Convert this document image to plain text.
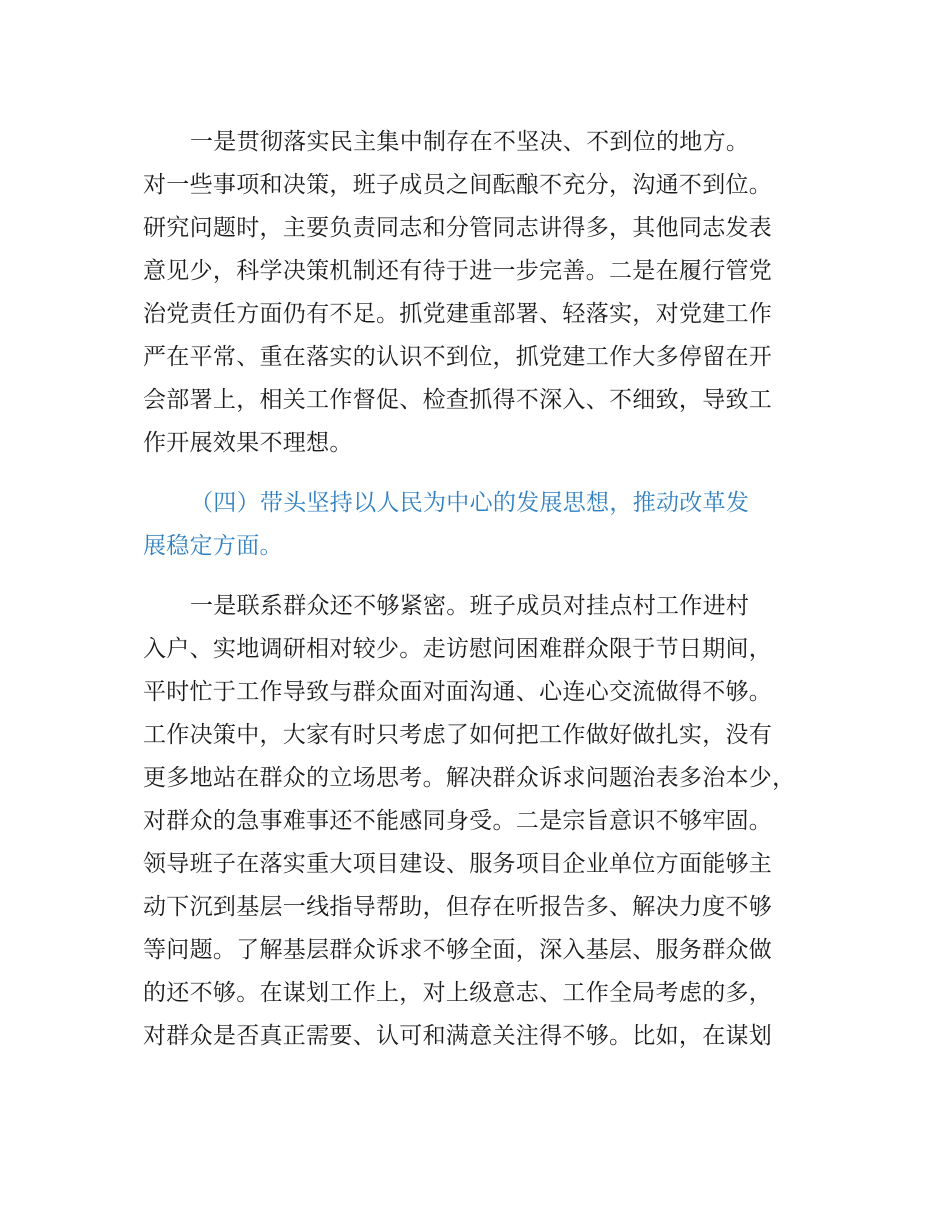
一是贯彻落实民主集中制存在不坚决、不到位的地方。
对一些事项和决策，班子成员之间酝酿不充分，沟通不到位。
研究问题时，主要负责同志和分管同志讲得多，其他同志发表
意见少，科学决策机制还有待于进一步完善。二是在履行管党
治党责任方面仍有不足。抓党建重部署、轻落实，对党建工作
严在平常、重在落实的认识不到位，抓党建工作大多停留在开
会部署上，相关工作督促、检查抓得不深入、不细致，导致工
作开展效果不理想。
（四）带头坚持以人民为中心的发展思想，推动改革发
展稳定方面。
一是联系群众还不够紧密。班子成员对挂点村工作进村
入户、实地调研相对较少。走访慰问困难群众限于节日期间，
平时忙于工作导致与群众面对面沟通、心连心交流做得不够。
工作决策中，大家有时只考虑了如何把工作做好做扎实，没有
更多地站在群众的立场思考。解决群众诉求问题治表多治本少，
对群众的急事难事还不能感同身受。二是宗旨意识不够牢固。
领导班子在落实重大项目建设、服务项目企业单位方面能够主
动下沉到基层一线指导帮助，但存在听报告多、解决力度不够
等问题。了解基层群众诉求不够全面，深入基层、服务群众做
的还不够。在谋划工作上，对上级意志、工作全局考虑的多，
对群众是否真正需要、认可和满意关注得不够。比如，在谋划
